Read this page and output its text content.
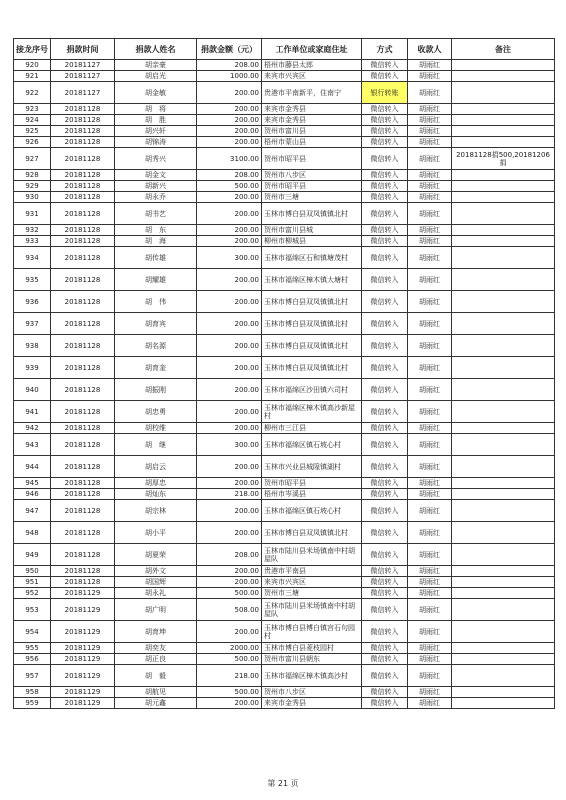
接龙序号	捐款时间	捐款人姓名	捐款金额（元）	工作单位或家庭住址	方式	收款人	备注
920	20181127	胡亲豪	208.00	梧州市藤县太郎	微信转入	胡雨红	
921	20181127	胡启光	1000.00	来宾市兴宾区	微信转入	胡雨红	
922	20181127	胡金敏	200.00	贵港市平南新平，住南宁	银行转账	胡雨红	
923	20181128	胡　将	200.00	来宾市金秀县	微信转入	胡雨红	
924	20181128	胡　胜	200.00	来宾市金秀县	微信转入	胡雨红	
925	20181128	胡兴轩	200.00	贺州市富川县	微信转入	胡雨红	
926	20181128	胡锦涛	200.00	梧州市蒙山县	微信转入	胡雨红	
927	20181128	胡秀兴	3100.00	贺州市昭平县	微信转入	胡雨红	20181128捐500,20181206捐
928	20181128	胡金文	208.00	贺州市八步区	微信转入	胡雨红	
929	20181128	胡新兴	500.00	贺州市昭平县	微信转入	胡雨红	
930	20181128	胡永乔	200.00	贺州市三塘	微信转入	胡雨红	
931	20181128	胡书艺	200.00	玉林市博白县双凤镇镇北村	微信转入	胡雨红	
932	20181128	胡　东	200.00	贺州市富川县城	微信转入	胡雨红	
933	20181128	胡　海	200.00	柳州市柳城县	微信转入	胡雨红	
934	20181128	胡传雄	300.00	玉林市福绵区石和镇塘茂村	微信转入	胡雨红	
935	20181128	胡耀雄	200.00	玉林市福绵区樟木镇大塘村	微信转入	胡雨红	
936	20181128	胡　伟	200.00	玉林市博白县双凤镇镇北村	微信转入	胡雨红	
937	20181128	胡育宾	200.00	玉林市博白县双凤镇镇北村	微信转入	胡雨红	
938	20181128	胡名源	200.00	玉林市博白县双凤镇镇北村	微信转入	胡雨红	
939	20181128	胡育奎	200.00	玉林市博白县双凤镇镇北村	微信转入	胡雨红	
940	20181128	胡振刚	200.00	玉林市福绵区沙田镇六司村	微信转入	胡雨红	
941	20181128	胡忠勇	200.00	玉林市福绵区樟木镇高沙新屋村	微信转入	胡雨红	
942	20181128	胡校维	200.00	柳州市三江县	微信转入	胡雨红	
943	20181128	胡　继	300.00	玉林市福绵区镇石坡心村	微信转入	胡雨红	
944	20181128	胡启云	200.00	玉林市兴业县城隍镇湖村	微信转入	胡雨红	
945	20181128	胡厚忠	200.00	贺州市昭平县	微信转入	胡雨红	
946	20181128	胡灿东	218.00	梧州市岑溪县	微信转入	胡雨红	
947	20181128	胡宗林	200.00	玉林市福绵区镇石坡心村	微信转入	胡雨红	
948	20181128	胡小平	200.00	玉林市博白县双凤镇镇北村	微信转入	胡雨红	
949	20181128	胡夏荣	208.00	玉林市陆川县米场镇南中村胡屋队	微信转入	胡雨红	
950	20181128	胡外文	200.00	贵港市平南县	微信转入	胡雨红	
951	20181128	胡国辉	200.00	来宾市兴宾区	微信转入	胡雨红	
952	20181129	胡永礼	500.00	贺州市三塘	微信转入	胡雨红	
953	20181129	胡广明	508.00	玉林市陆川县米场镇南中村胡屋队	微信转入	胡雨红	
954	20181129	胡育坤	200.00	玉林市博白县博白镇宫石句园村	微信转入	胡雨红	
955	20181129	胡奕友	2000.00	玉林市博白县菱枝园村	微信转入	胡雨红	
956	20181129	胡正良	500.00	贺州市富川县朝东	微信转入	胡雨红	
957	20181129	胡　毅	218.00	玉林市福绵区樟木镇高沙村	微信转入	胡雨红	
958	20181129	胡航见	500.00	贺州市八步区	微信转入	胡雨红	
959	20181129	胡元鑫	200.00	来宾市金秀县	微信转入	胡雨红	
第 21 页
